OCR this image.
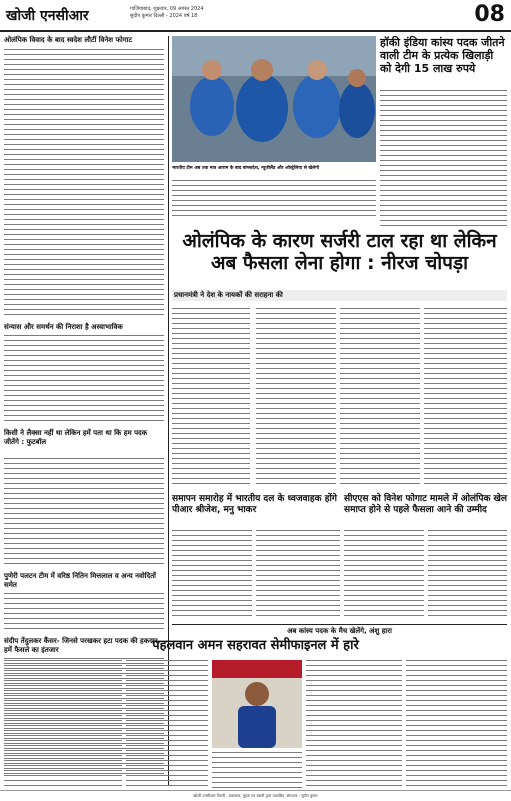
खोजी एनसीआर	गाजियाबाद, शुक्रवार, 09 अगस्त 2024
सुदीप कुमार दिल्ली - 2024 वर्ष 18	08
ओलंपिक विवाद के बाद स्वदेश लौटीं विनेश फोगाट
संन्यास और समर्थन की निराशा है अस्वाभाविक
किसी ने लैक्सा नहीं था लेकिन हमें पता था कि हम पदक जीतेंगे : फुटबॉल
पुणेरी पलटन टीम में वरिष्ठ नितिन मित्तलाल व अन्य नवोदितों समेत
संदीप तेंदुलकर कैंसर- जिनसे परखकर हटा पदक की हकदार, हमें फैसले का इंतजार
भारतीय टीम अब तक मात्र आराम के बाद बांग्लादेश, न्यूजीलैंड और ऑस्ट्रेलिया से खेलेगी
हॉकी इंडिया कांस्य पदक जीतने वाली टीम के प्रत्येक खिलाड़ी को देगी 15 लाख रुपये
ओलंपिक के कारण सर्जरी टाल रहा था लेकिन अब फैसला लेना होगा : नीरज चोपड़ा
प्रधानमंत्री ने देश के नायकों की सराहना की
समापन समारोह में भारतीय दल के ध्वजवाहक होंगे पीआर श्रीजेश, मनु भाकर
सीएएस को विनेश फोगाट मामले में ओलंपिक खेल समाप्त होने से पहले फैसला आने की उम्मीद
अब कांस्य पदक के मैच खेलेंगे, अंशु हारा
पहलवान अमन सहरावत सेमीफाइनल में हारे
खोजी एनसीआर दिल्ली - प्रकाशक, मुद्रक एवं स्वामी द्वारा प्रकाशित, संपादक : सुदीप कुमार
